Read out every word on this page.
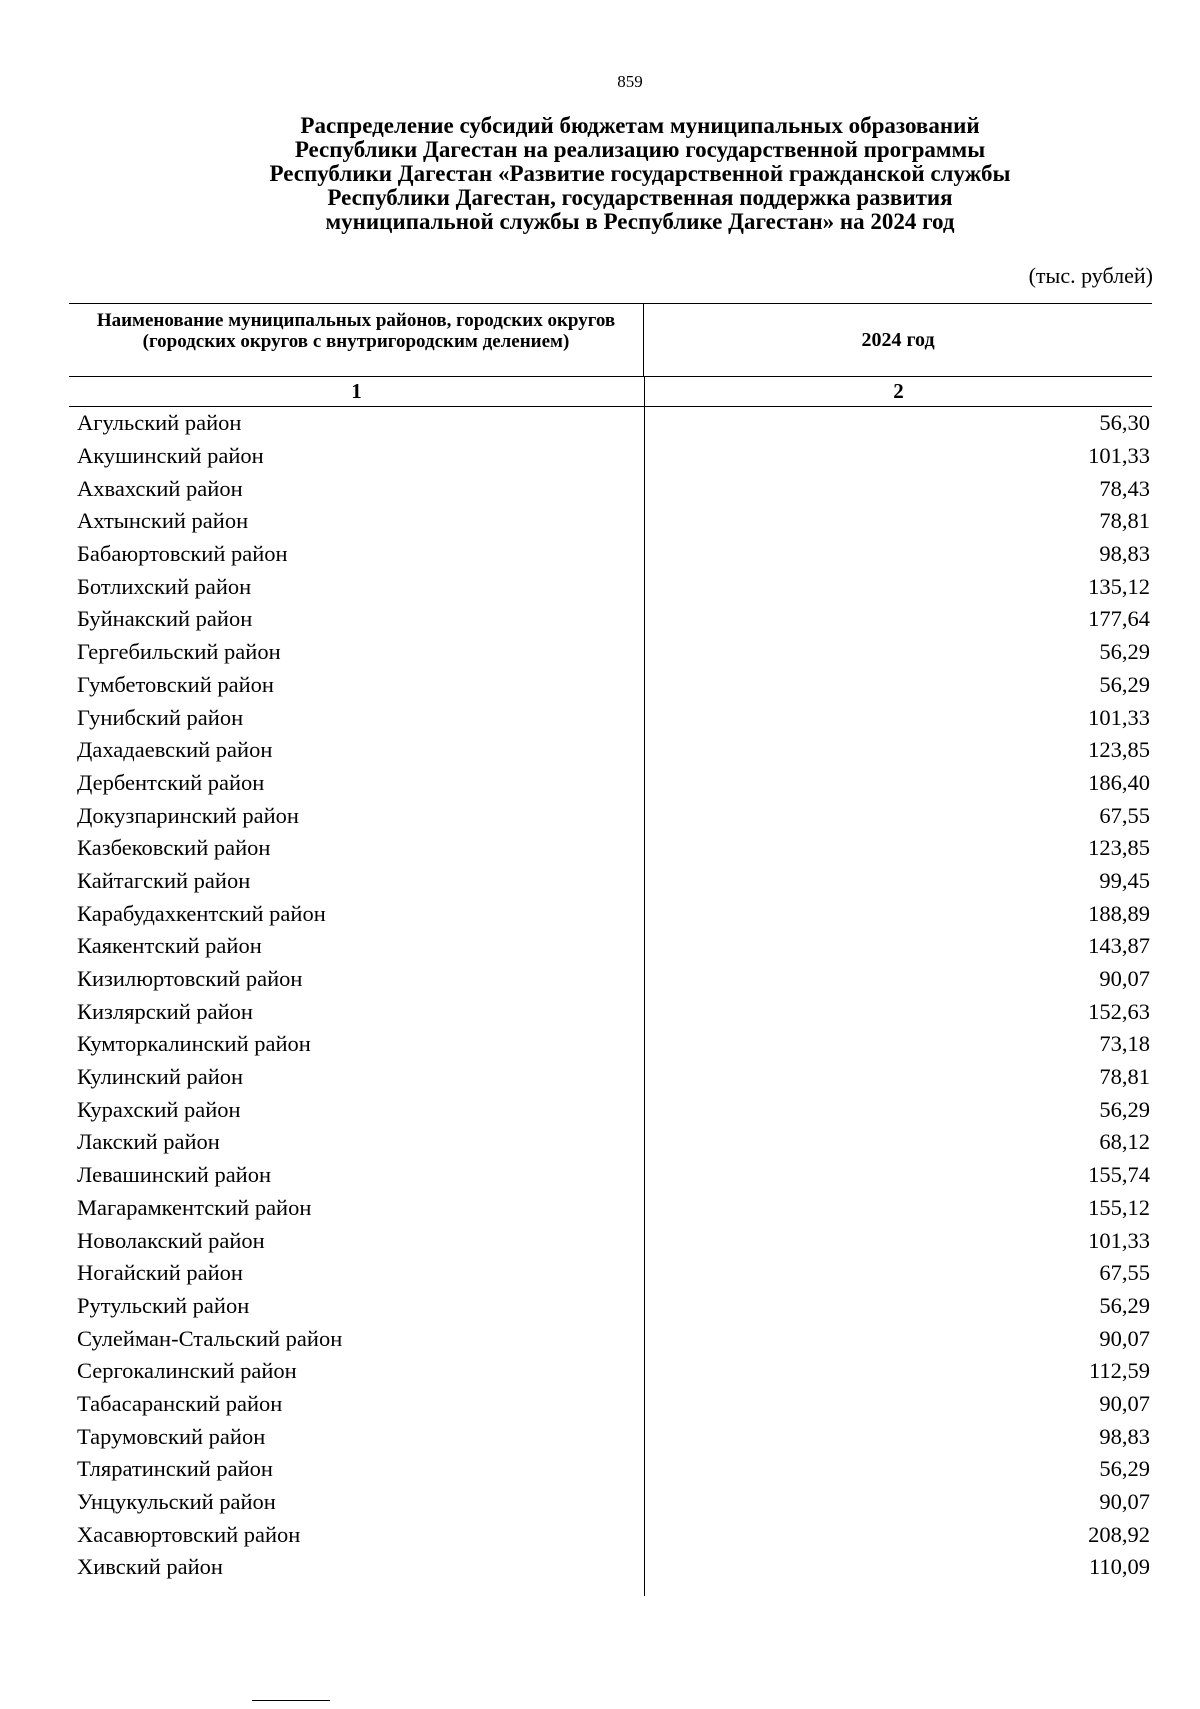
859
Распределение субсидий бюджетам муниципальных образований
Республики Дагестан на реализацию государственной программы
Республики Дагестан «Развитие государственной гражданской службы
Республики Дагестан, государственная поддержка развития
муниципальной службы в Республике Дагестан» на 2024 год
(тыс. рублей)
Наименование муниципальных районов, городских округов (городских округов с внутригородским делением)	2024 год
1	2
Агульский район	56,30
Акушинский район	101,33
Ахвахский район	78,43
Ахтынский район	78,81
Бабаюртовский район	98,83
Ботлихский район	135,12
Буйнакский район	177,64
Гергебильский район	56,29
Гумбетовский район	56,29
Гунибский район	101,33
Дахадаевский район	123,85
Дербентский район	186,40
Докузпаринский район	67,55
Казбековский район	123,85
Кайтагский район	99,45
Карабудахкентский район	188,89
Каякентский район	143,87
Кизилюртовский район	90,07
Кизлярский район	152,63
Кумторкалинский район	73,18
Кулинский район	78,81
Курахский район	56,29
Лакский район	68,12
Левашинский район	155,74
Магарамкентский район	155,12
Новолакский район	101,33
Ногайский район	67,55
Рутульский район	56,29
Сулейман-Стальский район	90,07
Сергокалинский район	112,59
Табасаранский район	90,07
Тарумовский район	98,83
Тляратинский район	56,29
Унцукульский район	90,07
Хасавюртовский район	208,92
Хивский район	110,09
